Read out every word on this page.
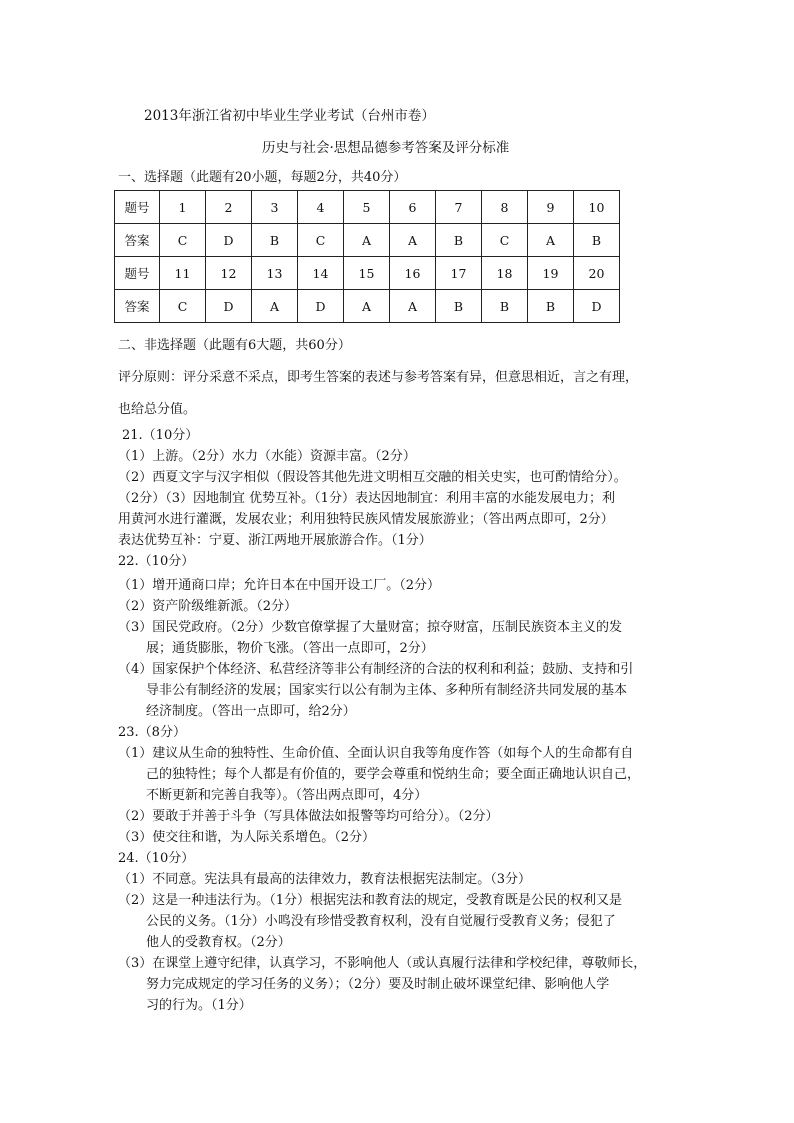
2013年浙江省初中毕业生学业考试（台州市卷）
历史与社会·思想品德参考答案及评分标准
一、选择题（此题有20小题，每题2分，共40分）
题号	1	2	3	4	5	6	7	8	9	10
答案	C	D	B	C	A	A	B	C	A	B
题号	11	12	13	14	15	16	17	18	19	20
答案	C	D	A	D	A	A	B	B	B	D
二、非选择题（此题有6大题，共60分）
评分原则：评分采意不采点，即考生答案的表述与参考答案有异，但意思相近，言之有理，
也给总分值。
21.（10分）
（1）上游。（2分）水力（水能）资源丰富。（2分）
（2）西夏文字与汉字相似（假设答其他先进文明相互交融的相关史实，也可酌情给分）。
（2分）（3）因地制宜 优势互补。（1分）表达因地制宜：利用丰富的水能发展电力；利
用黄河水进行灌溉，发展农业；利用独特民族风情发展旅游业；（答出两点即可，2分）
表达优势互补：宁夏、浙江两地开展旅游合作。（1分）
22.（10分）
（1）增开通商口岸；允许日本在中国开设工厂。（2分）
（2）资产阶级维新派。（2分）
（3）国民党政府。（2分）少数官僚掌握了大量财富；掠夺财富，压制民族资本主义的发
展；通货膨胀，物价飞涨。（答出一点即可，2分）
（4）国家保护个体经济、私营经济等非公有制经济的合法的权利和利益；鼓励、支持和引
导非公有制经济的发展；国家实行以公有制为主体、多种所有制经济共同发展的基本
经济制度。（答出一点即可，给2分）
23.（8分）
（1）建议从生命的独特性、生命价值、全面认识自我等角度作答（如每个人的生命都有自
己的独特性；每个人都是有价值的，要学会尊重和悦纳生命；要全面正确地认识自己，
不断更新和完善自我等）。（答出两点即可，4分）
（2）要敢于并善于斗争（写具体做法如报警等均可给分）。（2分）
（3）使交往和谐，为人际关系增色。（2分）
24.（10分）
（1）不同意。宪法具有最高的法律效力，教育法根据宪法制定。（3分）
（2）这是一种违法行为。（1分）根据宪法和教育法的规定，受教育既是公民的权利又是
公民的义务。（1分）小鸣没有珍惜受教育权利，没有自觉履行受教育义务；侵犯了
他人的受教育权。（2分）
（3）在课堂上遵守纪律，认真学习，不影响他人（或认真履行法律和学校纪律，尊敬师长，
努力完成规定的学习任务的义务）；（2分）要及时制止破坏课堂纪律、影响他人学
习的行为。（1分）
